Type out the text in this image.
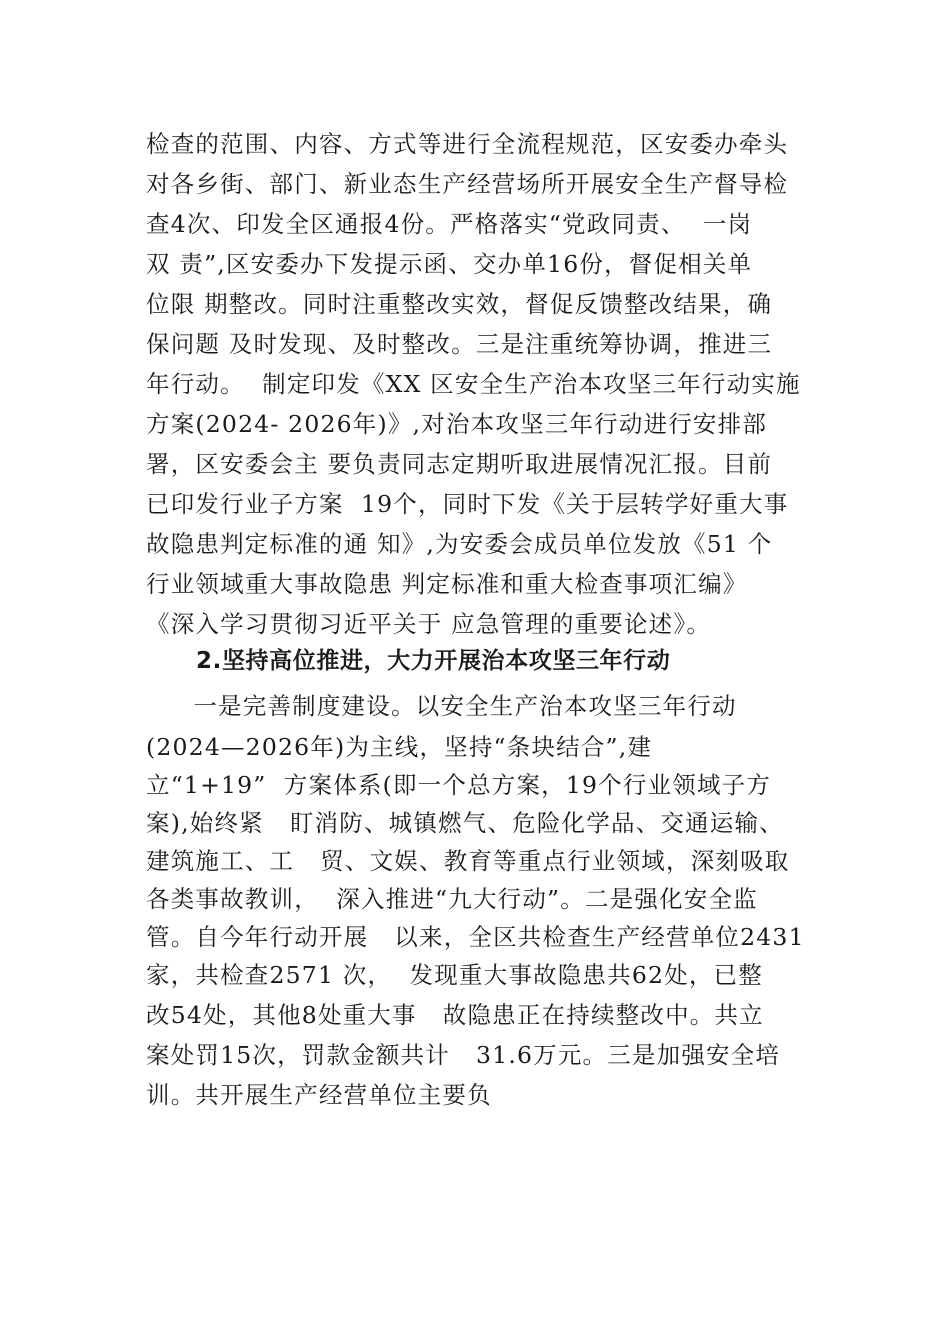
检查的范围、内容、方式等进行全流程规范，区安委办牵头
对各乡街、部门、新业态生产经营场所开展安全生产督导检
查4次、印发全区通报4份。严格落实“党政同责、  一岗
双 责”,区安委办下发提示函、交办单16份，督促相关单
位限 期整改。同时注重整改实效，督促反馈整改结果，确
保问题 及时发现、及时整改。三是注重统筹协调，推进三
年行动。  制定印发《XX 区安全生产治本攻坚三年行动实施
方案(2024- 2026年)》,对治本攻坚三年行动进行安排部
署，区安委会主 要负责同志定期听取进展情况汇报。目前
已印发行业子方案  19个，同时下发《关于层转学好重大事
故隐患判定标准的通 知》,为安委会成员单位发放《51 个
行业领域重大事故隐患 判定标准和重大检查事项汇编》
《深入学习贯彻习近平关于 应急管理的重要论述》。
2.坚持高位推进，大力开展治本攻坚三年行动
一是完善制度建设。以安全生产治本攻坚三年行动
(2024—2026年)为主线，坚持“条块结合”,建
立“1+19”  方案体系(即一个总方案，19个行业领域子方
案),始终紧   盯消防、城镇燃气、危险化学品、交通运输、
建筑施工、工   贸、文娱、教育等重点行业领域，深刻吸取
各类事故教训，  深入推进“九大行动”。二是强化安全监
管。自今年行动开展   以来，全区共检查生产经营单位2431
家，共检查2571 次，  发现重大事故隐患共62处，已整
改54处，其他8处重大事   故隐患正在持续整改中。共立
案处罚15次，罚款金额共计   31.6万元。三是加强安全培
训。共开展生产经营单位主要负
